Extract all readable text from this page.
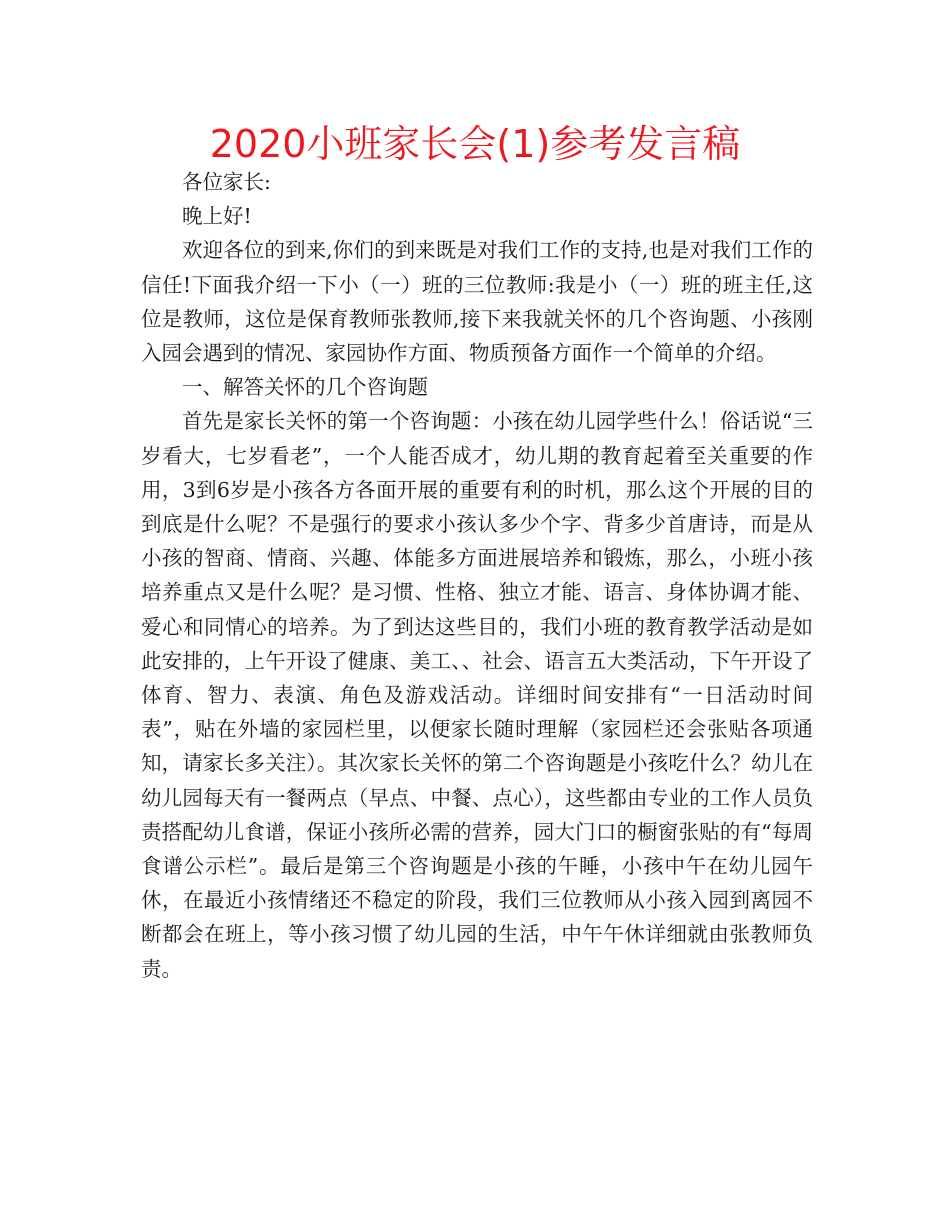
2020小班家长会(1)参考发言稿

各位家长:

晚上好!

欢迎各位的到来,你们的到来既是对我们工作的支持,也是对我们工作的信任!下面我介绍一下小（一）班的三位教师:我是小（一）班的班主任,这位是教师，这位是保育教师张教师,接下来我就关怀的几个咨询题、小孩刚入园会遇到的情况、家园协作方面、物质预备方面作一个简单的介绍。

一、解答关怀的几个咨询题

首先是家长关怀的第一个咨询题：小孩在幼儿园学些什么！俗话说“三岁看大，七岁看老”，一个人能否成才，幼儿期的教育起着至关重要的作用，3到6岁是小孩各方各面开展的重要有利的时机，那么这个开展的目的到底是什么呢？不是强行的要求小孩认多少个字、背多少首唐诗，而是从小孩的智商、情商、兴趣、体能多方面进展培养和锻炼，那么，小班小孩培养重点又是什么呢？是习惯、性格、独立才能、语言、身体协调才能、爱心和同情心的培养。为了到达这些目的，我们小班的教育教学活动是如此安排的，上午开设了健康、美工、、社会、语言五大类活动，下午开设了体育、智力、表演、角色及游戏活动。详细时间安排有“一日活动时间表”，贴在外墙的家园栏里，以便家长随时理解（家园栏还会张贴各项通知，请家长多关注）。其次家长关怀的第二个咨询题是小孩吃什么？幼儿在幼儿园每天有一餐两点（早点、中餐、点心），这些都由专业的工作人员负责搭配幼儿食谱，保证小孩所必需的营养，园大门口的橱窗张贴的有“每周食谱公示栏”。最后是第三个咨询题是小孩的午睡，小孩中午在幼儿园午休，在最近小孩情绪还不稳定的阶段，我们三位教师从小孩入园到离园不断都会在班上，等小孩习惯了幼儿园的生活，中午午休详细就由张教师负责。
